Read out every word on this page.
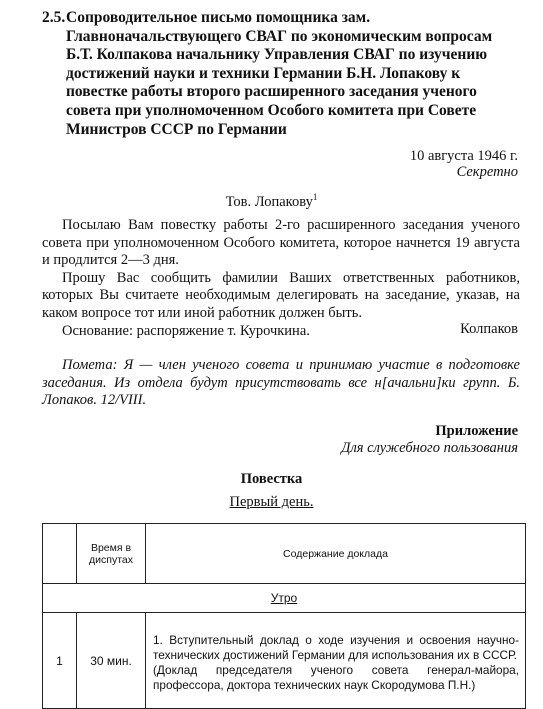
2.5. Сопроводительное письмо помощника зам.
Главноначальствующего СВАГ по экономическим вопросам
Б.Т. Колпакова начальнику Управления СВАГ по изучению
достижений науки и техники Германии Б.Н. Лопакову к
повестке работы второго расширенного заседания ученого
совета при уполномоченном Особого комитета при Совете
Министров СССР по Германии
10 августа 1946 г.
Секретно
Тов. Лопакову$^1$

Посылаю Вам повестку работы 2-го расширенного заседания ученого совета при уполномоченном Особого комитета, которое начнется 19 августа и продлится 2—3 дня.

Прошу Вас сообщить фамилии Ваших ответственных работников, которых Вы считаете необходимым делегировать на заседание, указав, на каком вопросе тот или иной работник должен быть.

Основание: распоряжение т. Курочкина.	Колпаков
Помета: Я — член ученого совета и принимаю участие в подготовке заседания. Из отдела будут присутствовать все н[ачальни]ки групп. Б. Лопаков. 12/VIII.
Приложение
Для служебного пользования
Повестка
Первый день.
	Время в диспутах	Содержание доклада
Утро		
1	30 мин.	1. Вступительный доклад о ходе изучения и освоения научно-технических достижений Германии для использования их в СССР.

(Доклад председателя ученого совета генерал-майора, профессора, доктора технических наук Скородумова П.Н.)
